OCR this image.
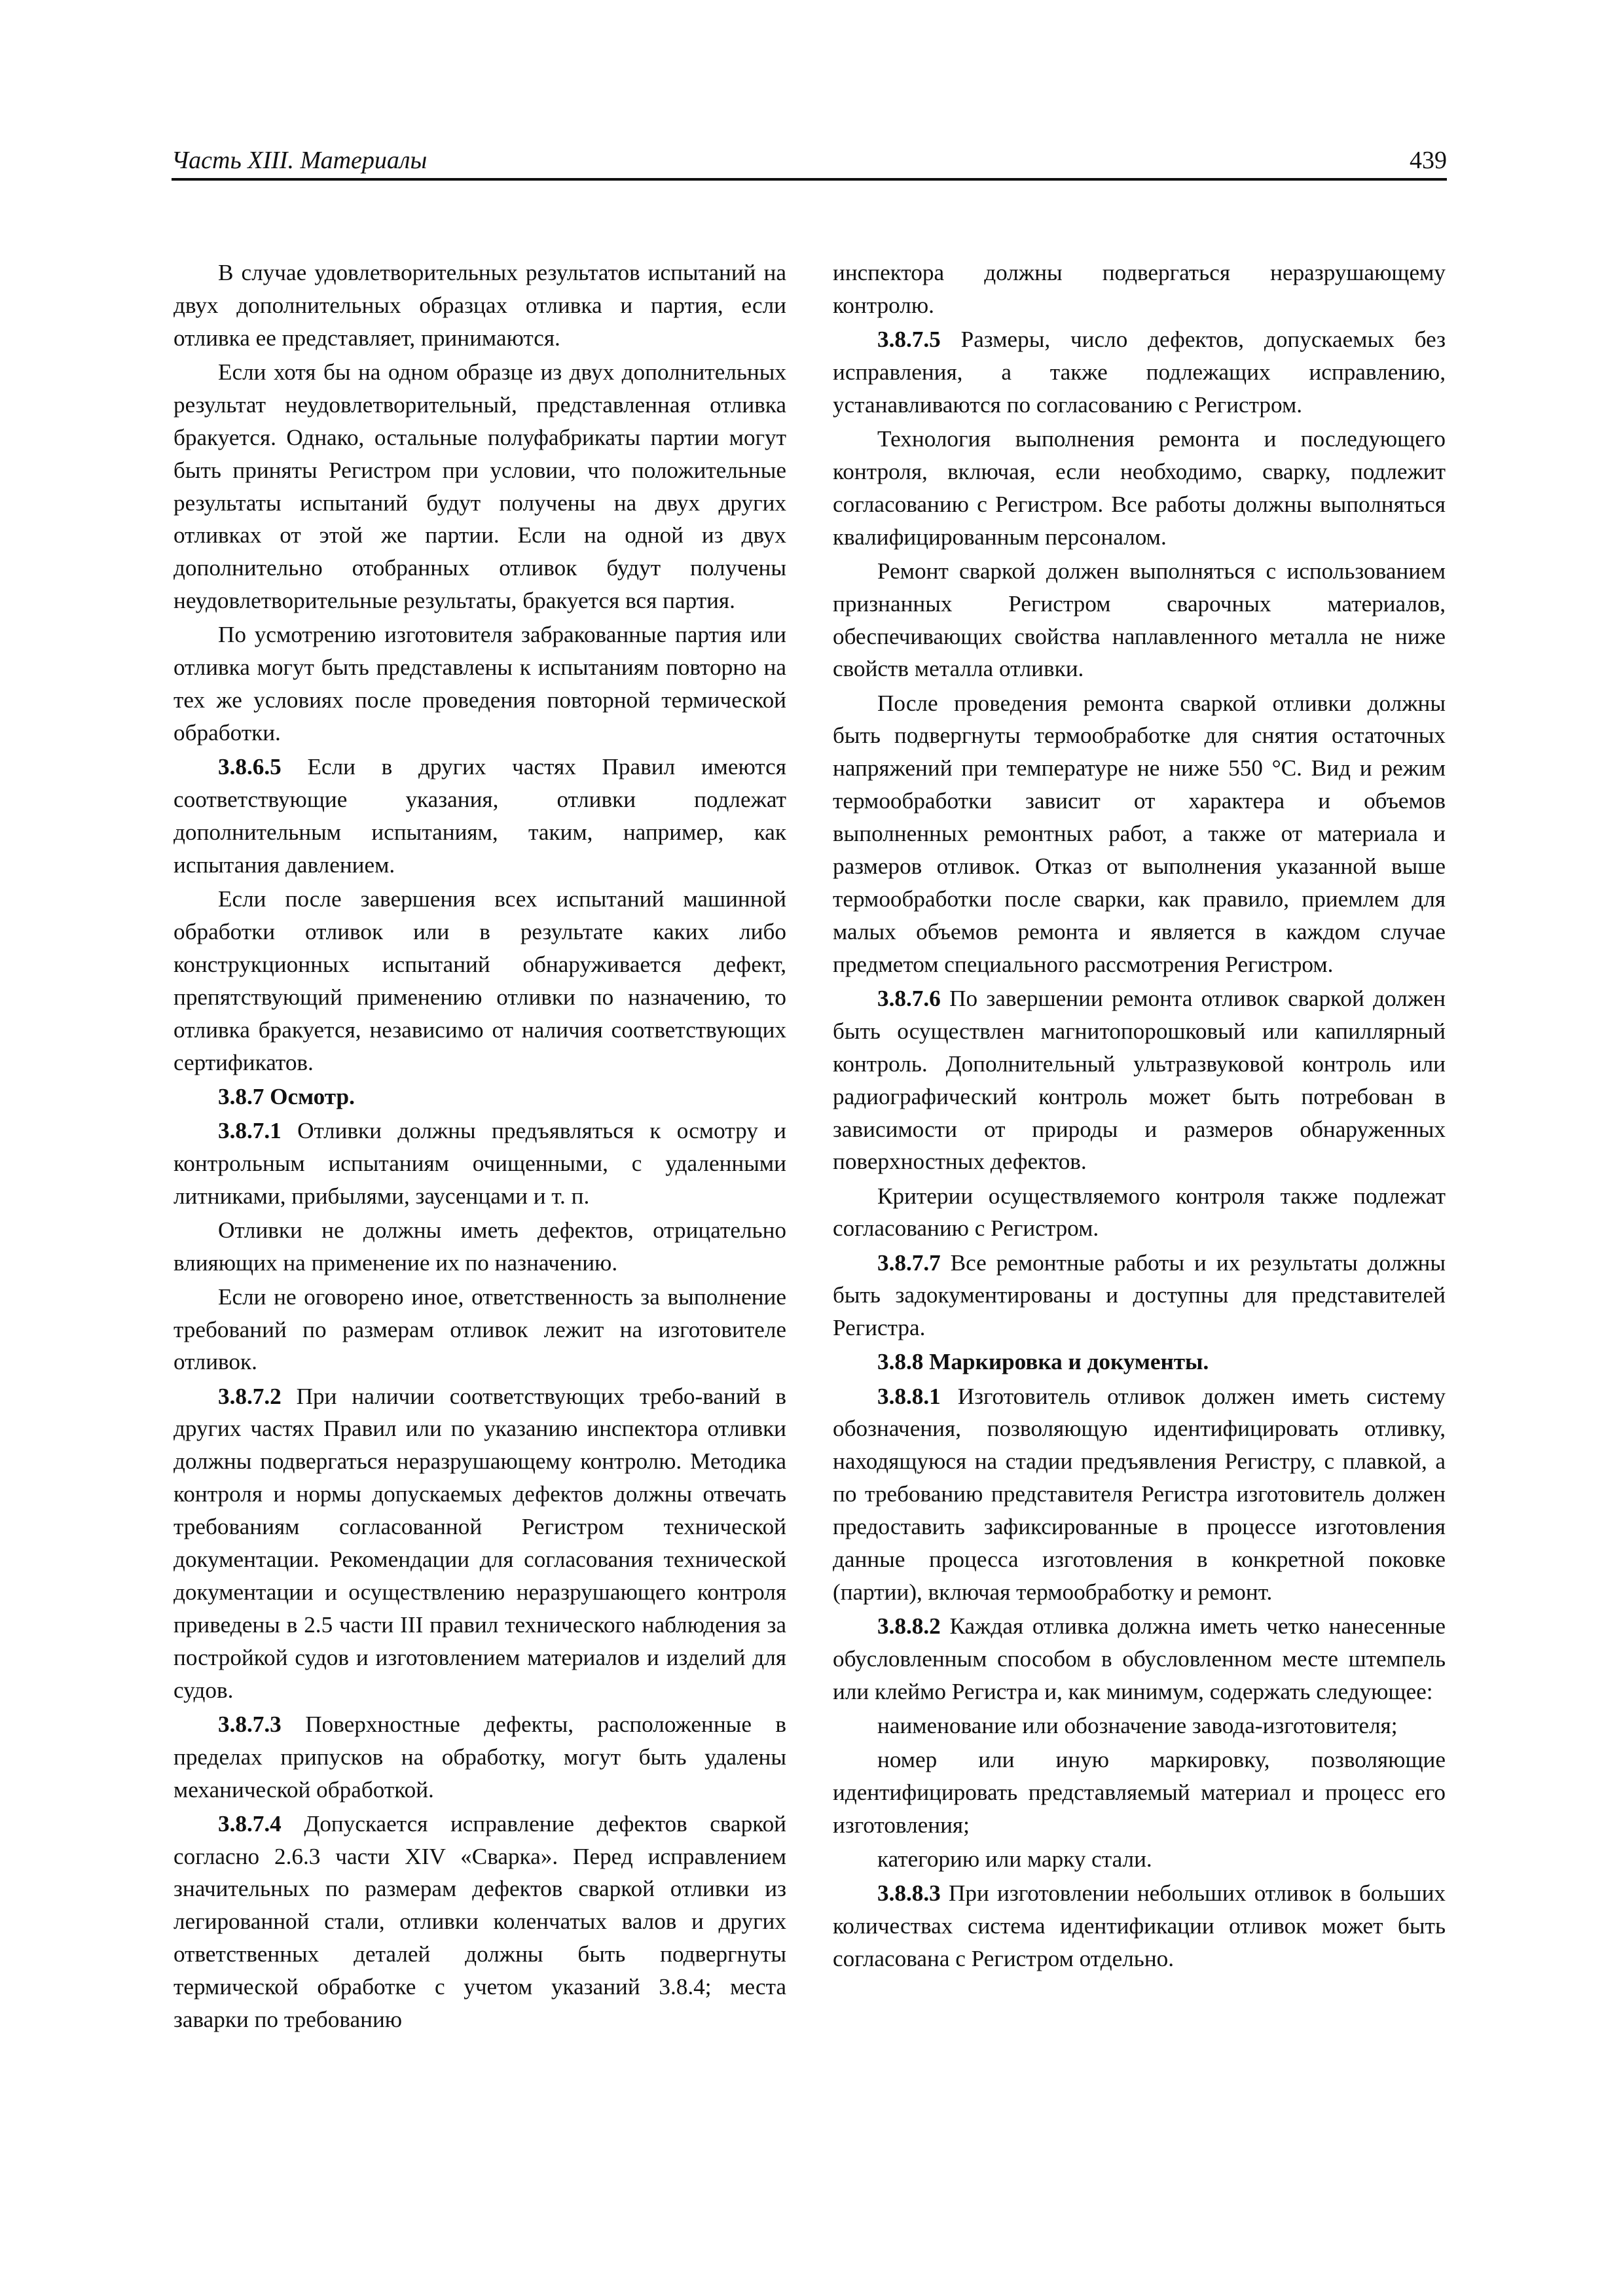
Часть XIII. Материалы	439

В случае удовлетворительных результатов испытаний на двух дополнительных образцах отливка и партия, если отливка ее представляет, принимаются.

Если хотя бы на одном образце из двух дополнительных результат неудовлетворительный, представленная отливка бракуется. Однако, остальные полуфабрикаты партии могут быть приняты Регистром при условии, что положительные результаты испытаний будут получены на двух других отливках от этой же партии. Если на одной из двух дополнительно отобранных отливок будут получены неудовлетворительные результаты, бракуется вся партия.

По усмотрению изготовителя забракованные партия или отливка могут быть представлены к испытаниям повторно на тех же условиях после проведения повторной термической обработки.

3.8.6.5 Если в других частях Правил имеются соответствующие указания, отливки подлежат дополнительным испытаниям, таким, например, как испытания давлением.

Если после завершения всех испытаний машинной обработки отливок или в результате каких либо конструкционных испытаний обнаруживается дефект, препятствующий применению отливки по назначению, то отливка бракуется, независимо от наличия соответствующих сертификатов.

3.8.7 Осмотр.

3.8.7.1 Отливки должны предъявляться к осмотру и контрольным испытаниям очищенными, с удаленными литниками, прибылями, заусенцами и т. п.

Отливки не должны иметь дефектов, отрицательно влияющих на применение их по назначению.

Если не оговорено иное, ответственность за выполнение требований по размерам отливок лежит на изготовителе отливок.

3.8.7.2 При наличии соответствующих требо-ваний в других частях Правил или по указанию инспектора отливки должны подвергаться неразрушающему контролю. Методика контроля и нормы допускаемых дефектов должны отвечать требованиям согласованной Регистром технической документации. Рекомендации для согласования технической документации и осуществлению неразрушающего контроля приведены в 2.5 части III правил технического наблюдения за постройкой судов и изготовлением материалов и изделий для судов.

3.8.7.3 Поверхностные дефекты, расположенные в пределах припусков на обработку, могут быть удалены механической обработкой.

3.8.7.4 Допускается исправление дефектов сваркой согласно 2.6.3 части XIV «Сварка». Перед исправлением значительных по размерам дефектов сваркой отливки из легированной стали, отливки коленчатых валов и других ответственных деталей должны быть подвергнуты термической обработке с учетом указаний 3.8.4; места заварки по требованию

инспектора должны подвергаться неразрушающему контролю.

3.8.7.5 Размеры, число дефектов, допускаемых без исправления, а также подлежащих исправлению, устанавливаются по согласованию с Регистром.

Технология выполнения ремонта и последующего контроля, включая, если необходимо, сварку, подлежит согласованию с Регистром. Все работы должны выполняться квалифицированным персоналом.

Ремонт сваркой должен выполняться с использованием признанных Регистром сварочных материалов, обеспечивающих свойства наплавленного металла не ниже свойств металла отливки.

После проведения ремонта сваркой отливки должны быть подвергнуты термообработке для снятия остаточных напряжений при температуре не ниже 550 °С. Вид и режим термообработки зависит от характера и объемов выполненных ремонтных работ, а также от материала и размеров отливок. Отказ от выполнения указанной выше термообработки после сварки, как правило, приемлем для малых объемов ремонта и является в каждом случае предметом специального рассмотрения Регистром.

3.8.7.6 По завершении ремонта отливок сваркой должен быть осуществлен магнитопорошковый или капиллярный контроль. Дополнительный ультразвуковой контроль или радиографический контроль может быть потребован в зависимости от природы и размеров обнаруженных поверхностных дефектов.

Критерии осуществляемого контроля также подлежат согласованию с Регистром.

3.8.7.7 Все ремонтные работы и их результаты должны быть задокументированы и доступны для представителей Регистра.

3.8.8 Маркировка и документы.

3.8.8.1 Изготовитель отливок должен иметь систему обозначения, позволяющую идентифицировать отливку, находящуюся на стадии предъявления Регистру, с плавкой, а по требованию представителя Регистра изготовитель должен предоставить зафиксированные в процессе изготовления данные процесса изготовления в конкретной поковке (партии), включая термообработку и ремонт.

3.8.8.2 Каждая отливка должна иметь четко нанесенные обусловленным способом в обусловленном месте штемпель или клеймо Регистра и, как минимум, содержать следующее:

наименование или обозначение завода-изготовителя;

номер или иную маркировку, позволяющие идентифицировать представляемый материал и процесс его изготовления;

категорию или марку стали.

3.8.8.3 При изготовлении небольших отливок в больших количествах система идентификации отливок может быть согласована с Регистром отдельно.
